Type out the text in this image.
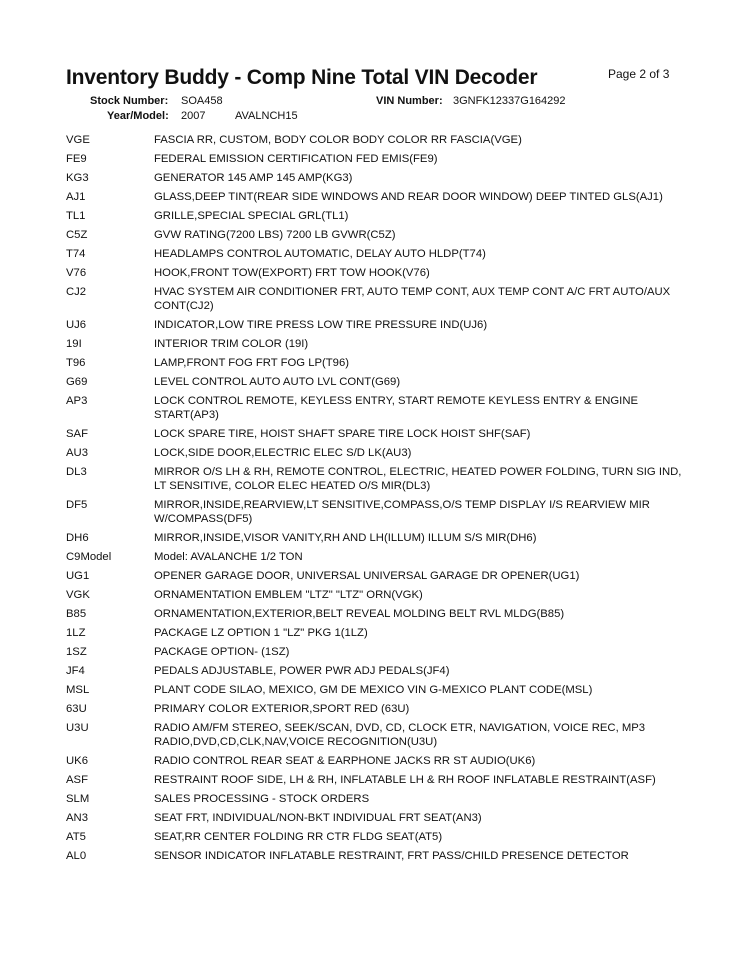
Inventory Buddy - Comp Nine Total VIN Decoder	Page 2 of 3
Stock Number: SOA458	VIN Number: 3GNFK12337G164292
Year/Model: 2007	AVALNCH15
VGE	FASCIA RR, CUSTOM, BODY COLOR BODY COLOR RR FASCIA(VGE)
FE9	FEDERAL EMISSION CERTIFICATION FED EMIS(FE9)
KG3	GENERATOR 145 AMP 145 AMP(KG3)
AJ1	GLASS,DEEP TINT(REAR SIDE WINDOWS AND REAR DOOR WINDOW) DEEP TINTED GLS(AJ1)
TL1	GRILLE,SPECIAL SPECIAL GRL(TL1)
C5Z	GVW RATING(7200 LBS) 7200 LB GVWR(C5Z)
T74	HEADLAMPS CONTROL AUTOMATIC, DELAY AUTO HLDP(T74)
V76	HOOK,FRONT TOW(EXPORT) FRT TOW HOOK(V76)
CJ2	HVAC SYSTEM AIR CONDITIONER FRT, AUTO TEMP CONT, AUX TEMP CONT A/C FRT AUTO/AUX CONT(CJ2)
UJ6	INDICATOR,LOW TIRE PRESS LOW TIRE PRESSURE IND(UJ6)
19I	INTERIOR TRIM COLOR (19I)
T96	LAMP,FRONT FOG FRT FOG LP(T96)
G69	LEVEL CONTROL AUTO AUTO LVL CONT(G69)
AP3	LOCK CONTROL REMOTE, KEYLESS ENTRY, START REMOTE KEYLESS ENTRY & ENGINE START(AP3)
SAF	LOCK SPARE TIRE, HOIST SHAFT SPARE TIRE LOCK HOIST SHF(SAF)
AU3	LOCK,SIDE DOOR,ELECTRIC ELEC S/D LK(AU3)
DL3	MIRROR O/S LH & RH, REMOTE CONTROL, ELECTRIC, HEATED POWER FOLDING, TURN SIG IND, LT SENSITIVE, COLOR ELEC HEATED O/S MIR(DL3)
DF5	MIRROR,INSIDE,REARVIEW,LT SENSITIVE,COMPASS,O/S TEMP DISPLAY I/S REARVIEW MIR W/COMPASS(DF5)
DH6	MIRROR,INSIDE,VISOR VANITY,RH AND LH(ILLUM) ILLUM S/S MIR(DH6)
C9Model	Model: AVALANCHE 1/2 TON
UG1	OPENER GARAGE DOOR, UNIVERSAL UNIVERSAL GARAGE DR OPENER(UG1)
VGK	ORNAMENTATION EMBLEM "LTZ" "LTZ" ORN(VGK)
B85	ORNAMENTATION,EXTERIOR,BELT REVEAL MOLDING BELT RVL MLDG(B85)
1LZ	PACKAGE LZ OPTION 1 "LZ" PKG 1(1LZ)
1SZ	PACKAGE OPTION- (1SZ)
JF4	PEDALS ADJUSTABLE, POWER PWR ADJ PEDALS(JF4)
MSL	PLANT CODE SILAO, MEXICO, GM DE MEXICO VIN G-MEXICO PLANT CODE(MSL)
63U	PRIMARY COLOR EXTERIOR,SPORT RED (63U)
U3U	RADIO AM/FM STEREO, SEEK/SCAN, DVD, CD, CLOCK ETR, NAVIGATION, VOICE REC, MP3 RADIO,DVD,CD,CLK,NAV,VOICE RECOGNITION(U3U)
UK6	RADIO CONTROL REAR SEAT & EARPHONE JACKS RR ST AUDIO(UK6)
ASF	RESTRAINT ROOF SIDE, LH & RH, INFLATABLE LH & RH ROOF INFLATABLE RESTRAINT(ASF)
SLM	SALES PROCESSING - STOCK ORDERS
AN3	SEAT FRT, INDIVIDUAL/NON-BKT INDIVIDUAL FRT SEAT(AN3)
AT5	SEAT,RR CENTER FOLDING RR CTR FLDG SEAT(AT5)
AL0	SENSOR INDICATOR INFLATABLE RESTRAINT, FRT PASS/CHILD PRESENCE DETECTOR
